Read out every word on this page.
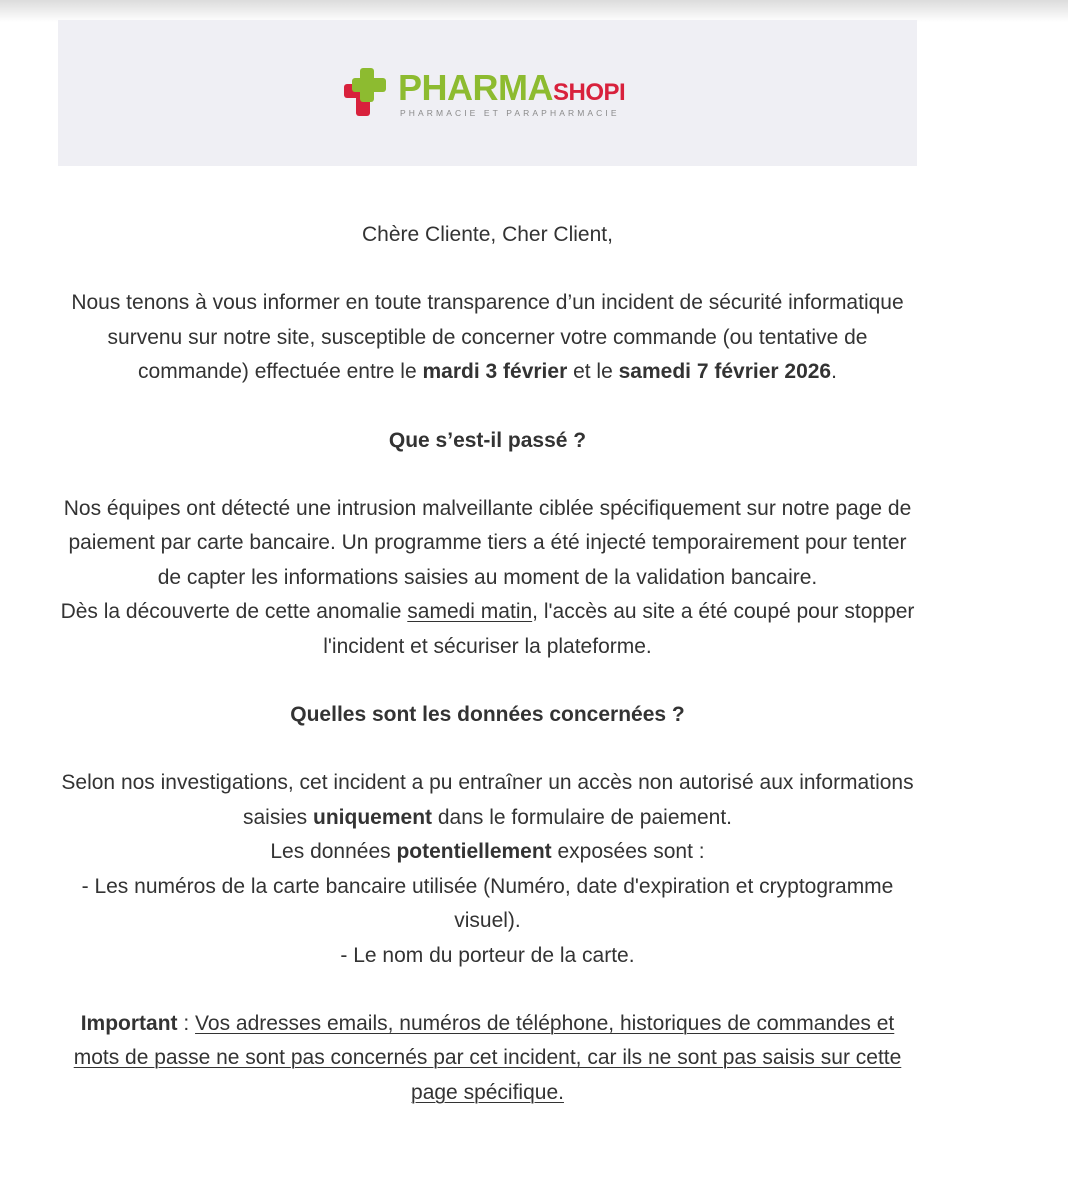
PHARMASHOPI
PHARMACIE ET PARAPHARMACIE

Chère Cliente, Cher Client,

Nous tenons à vous informer en toute transparence d’un incident de sécurité informatique survenu sur notre site, susceptible de concerner votre commande (ou tentative de commande) effectuée entre le mardi 3 février et le samedi 7 février 2026.

Que s’est-il passé ?

Nos équipes ont détecté une intrusion malveillante ciblée spécifiquement sur notre page de paiement par carte bancaire. Un programme tiers a été injecté temporairement pour tenter de capter les informations saisies au moment de la validation bancaire.

Dès la découverte de cette anomalie samedi matin, l'accès au site a été coupé pour stopper l'incident et sécuriser la plateforme.

Quelles sont les données concernées ?

Selon nos investigations, cet incident a pu entraîner un accès non autorisé aux informations saisies uniquement dans le formulaire de paiement.

Les données potentiellement exposées sont :

- Les numéros de la carte bancaire utilisée (Numéro, date d'expiration et cryptogramme visuel).

- Le nom du porteur de la carte.

Important : Vos adresses emails, numéros de téléphone, historiques de commandes et mots de passe ne sont pas concernés par cet incident, car ils ne sont pas saisis sur cette page spécifique.
